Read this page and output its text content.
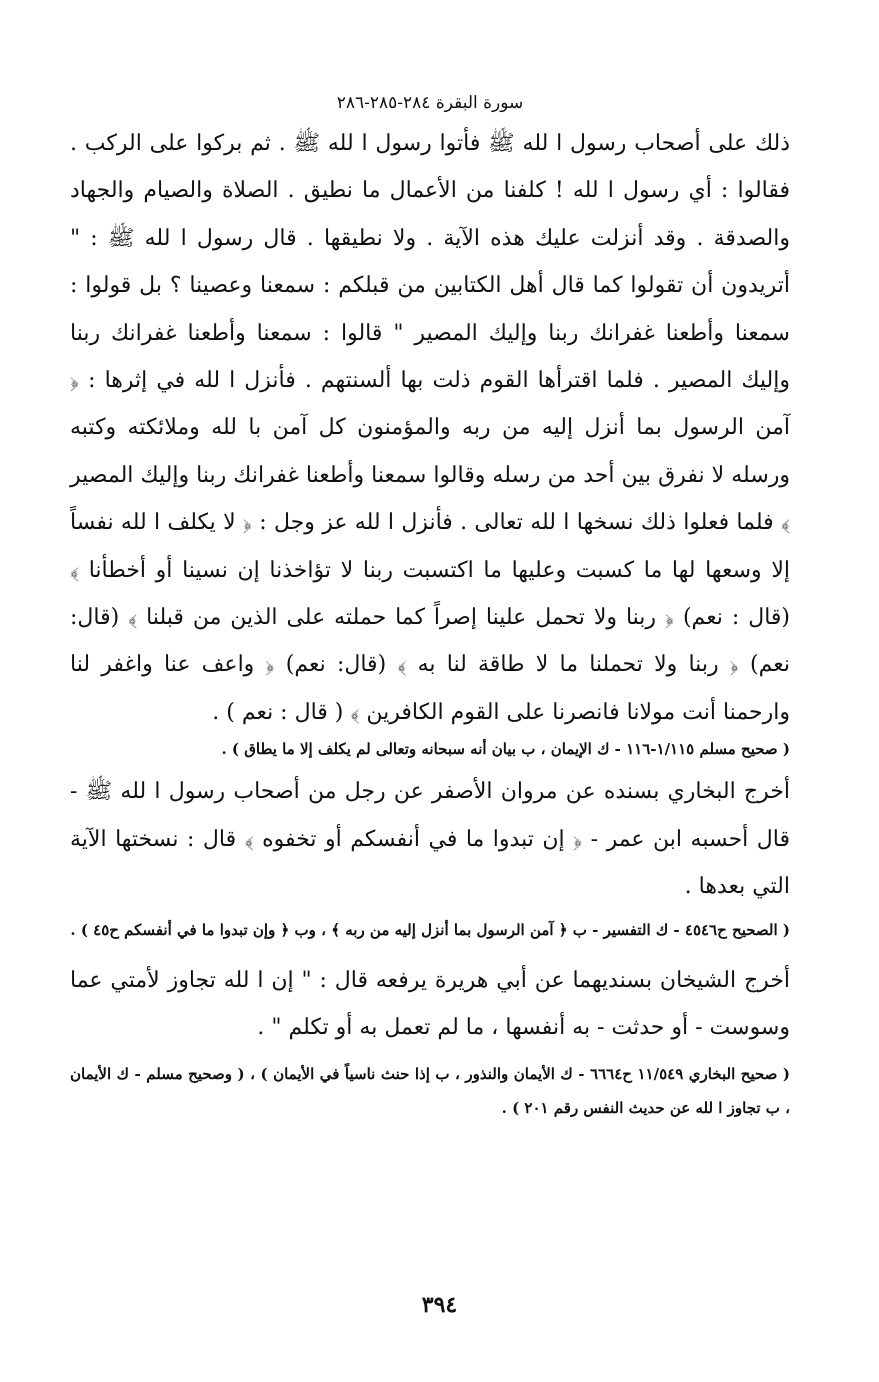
سورة البقرة ٢٨٤-٢٨٥-٢٨٦

ذلك على أصحاب رسول ا لله ﷺ فأتوا رسول ا لله ﷺ . ثم بركوا على الركب . فقالوا : أي رسول ا لله ! كلفنا من الأعمال ما نطيق . الصلاة والصيام والجهاد والصدقة . وقد أنزلت عليك هذه الآية . ولا نطيقها . قال رسول ا لله ﷺ : " أتريدون أن تقولوا كما قال أهل الكتابين من قبلكم : سمعنا وعصينا ؟ بل قولوا : سمعنا وأطعنا غفرانك ربنا وإليك المصير " قالوا : سمعنا وأطعنا غفرانك ربنا وإليك المصير . فلما اقترأها القوم ذلت بها ألسنتهم . فأنزل ا لله في إثرها : ﴿ آمن الرسول بما أنزل إليه من ربه والمؤمنون كل آمن با لله وملائكته وكتبه ورسله لا نفرق بين أحد من رسله وقالوا سمعنا وأطعنا غفرانك ربنا وإليك المصير ﴾ فلما فعلوا ذلك نسخها ا لله تعالى . فأنزل ا لله عز وجل : ﴿ لا يكلف ا لله نفساً إلا وسعها لها ما كسبت وعليها ما اكتسبت ربنا لا تؤاخذنا إن نسينا أو أخطأنا ﴾ (قال : نعم) ﴿ ربنا ولا تحمل علينا إصراً كما حملته على الذين من قبلنا ﴾ (قال: نعم) ﴿ ربنا ولا تحملنا ما لا طاقة لنا به ﴾ (قال: نعم) ﴿ واعف عنا واغفر لنا وارحمنا أنت مولانا فانصرنا على القوم الكافرين ﴾ ( قال : نعم ) .

( صحيح مسلم ١/١١٥-١١٦ - ك الإيمان ، ب بيان أنه سبحانه وتعالى لم يكلف إلا ما يطاق ) .

أخرج البخاري بسنده عن مروان الأصفر عن رجل من أصحاب رسول ا لله ﷺ - قال أحسبه ابن عمر - ﴿ إن تبدوا ما في أنفسكم أو تخفوه ﴾ قال : نسختها الآية التي بعدها .

( الصحيح ح٤٥٤٦ - ك التفسير - ب ﴿ آمن الرسول بما أنزل إليه من ربه ﴾ ، وب ﴿ وإن تبدوا ما في أنفسكم ح٤٥ ) .

أخرج الشيخان بسنديهما عن أبي هريرة يرفعه قال : " إن ا لله تجاوز لأمتي عما وسوست - أو حدثت - به أنفسها ، ما لم تعمل به أو تكلم " .

( صحيح البخاري ١١/٥٤٩ ح٦٦٦٤ - ك الأيمان والنذور ، ب إذا حنث ناسياً في الأيمان ) ، ( وصحيح مسلم - ك الأيمان ، ب تجاوز ا لله عن حديث النفس رقم ٢٠١ ) .

٣٩٤
